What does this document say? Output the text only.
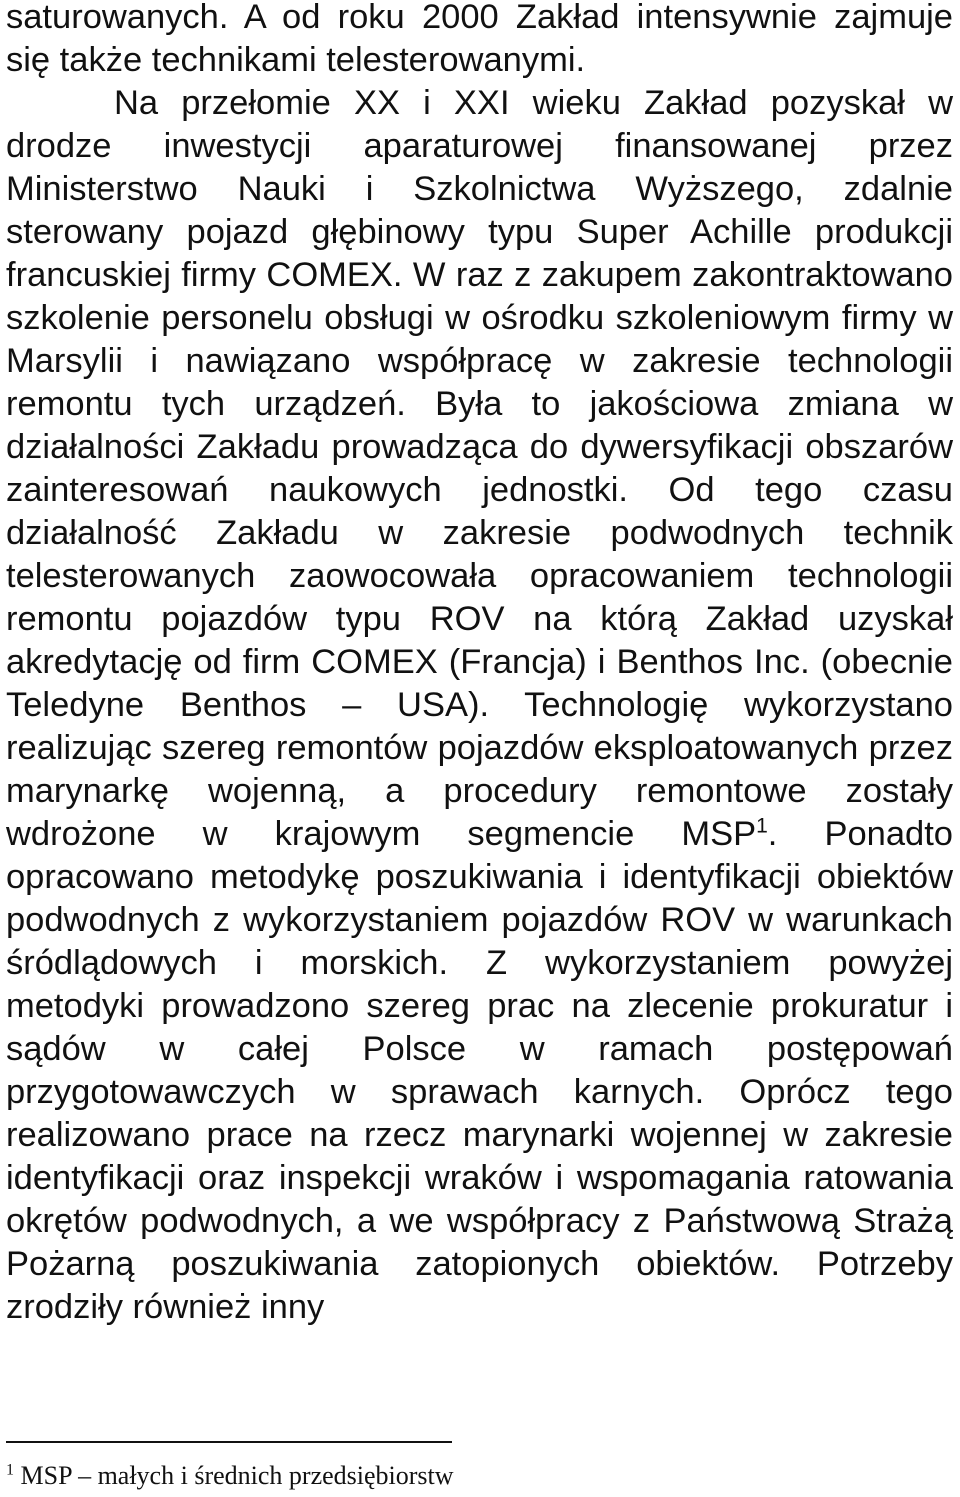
saturowanych. A od roku 2000 Zakład intensywnie zajmuje się także technikami telesterowanymi.

Na przełomie XX i XXI wieku Zakład pozyskał w drodze inwestycji aparaturowej finansowanej przez Ministerstwo Nauki i Szkolnictwa Wyższego, zdalnie sterowany pojazd głębinowy typu Super Achille produkcji francuskiej firmy COMEX. W raz z zakupem zakontraktowano szkolenie personelu obsługi w ośrodku szkoleniowym firmy w Marsylii i nawiązano współpracę w zakresie technologii remontu tych urządzeń. Była to jakościowa zmiana w działalności Zakładu prowadząca do dywersyfikacji obszarów zainteresowań naukowych jednostki. Od tego czasu działalność Zakładu w zakresie podwodnych technik telesterowanych zaowocowała opracowaniem technologii remontu pojazdów typu ROV na którą Zakład uzyskał akredytację od firm COMEX (Francja) i Benthos Inc. (obecnie Teledyne Benthos – USA). Technologię wykorzystano realizując szereg remontów pojazdów eksploatowanych przez marynarkę wojenną, a procedury remontowe zostały wdrożone w krajowym segmencie MSP$^1$. Ponadto opracowano metodykę poszukiwania i identyfikacji obiektów podwodnych z wykorzystaniem pojazdów ROV w warunkach śródlądowych i morskich. Z wykorzystaniem powyżej metodyki prowadzono szereg prac na zlecenie prokuratur i sądów w całej Polsce w ramach postępowań przygotowawczych w sprawach karnych. Oprócz tego realizowano prace na rzecz marynarki wojennej w zakresie identyfikacji oraz inspekcji wraków i wspomagania ratowania okrętów podwodnych, a we współpracy z Państwową Strażą Pożarną poszukiwania zatopionych obiektów. Potrzeby zrodziły również inny

$^1$ MSP – małych i średnich przedsiębiorstw
